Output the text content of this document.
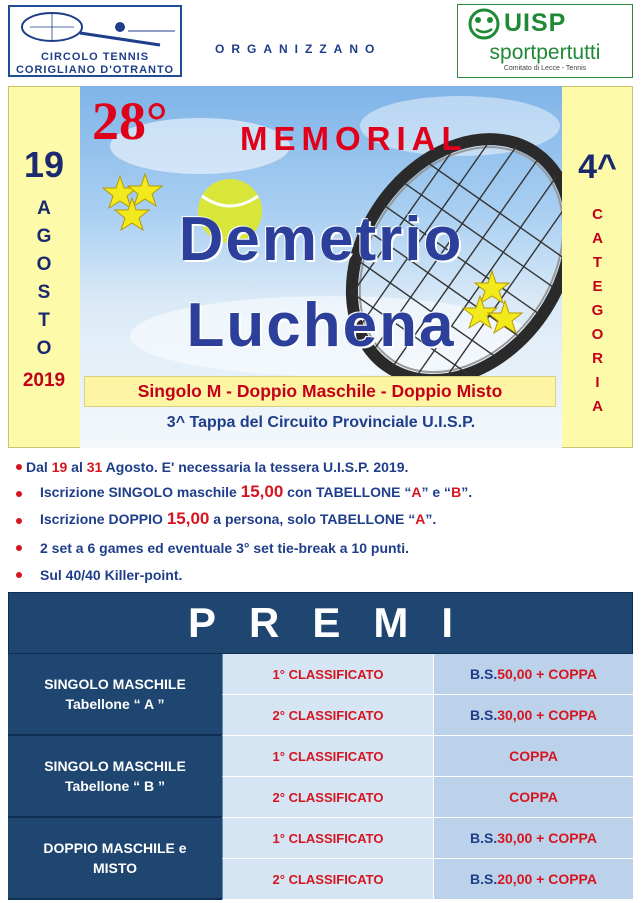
CIRCOLO TENNIS
CORIGLIANO D'OTRANTO
ORGANIZZANO
UISP
sportpertutti
Comitato di Lecce - Tennis
19
A
G
O
S
T
O
2019
28° MEMORIAL
Demetrio
Luchena
Singolo M - Doppio Maschile - Doppio Misto
3^ Tappa del Circuito Provinciale U.I.S.P.
4^
C
A
T
E
G
O
R
I
A
Dal 19 al 31 Agosto. E' necessaria la tessera U.I.S.P. 2019.
Iscrizione SINGOLO maschile 15,00 con TABELLONE “A” e “B”.
Iscrizione DOPPIO 15,00 a persona, solo TABELLONE “A”.
2 set a 6 games ed eventuale 3° set tie-break a 10 punti.
Sul 40/40 Killer-point.
PREMI
SINGOLO MASCHILE
Tabellone “ A ”
1° CLASSIFICATO	B.S. 50,00 + COPPA
2° CLASSIFICATO	B.S. 30,00 + COPPA
SINGOLO MASCHILE
Tabellone “ B ”
1° CLASSIFICATO	COPPA
2° CLASSIFICATO	COPPA
DOPPIO MASCHILE e
MISTO
1° CLASSIFICATO	B.S. 30,00 + COPPA
2° CLASSIFICATO	B.S. 20,00 + COPPA
